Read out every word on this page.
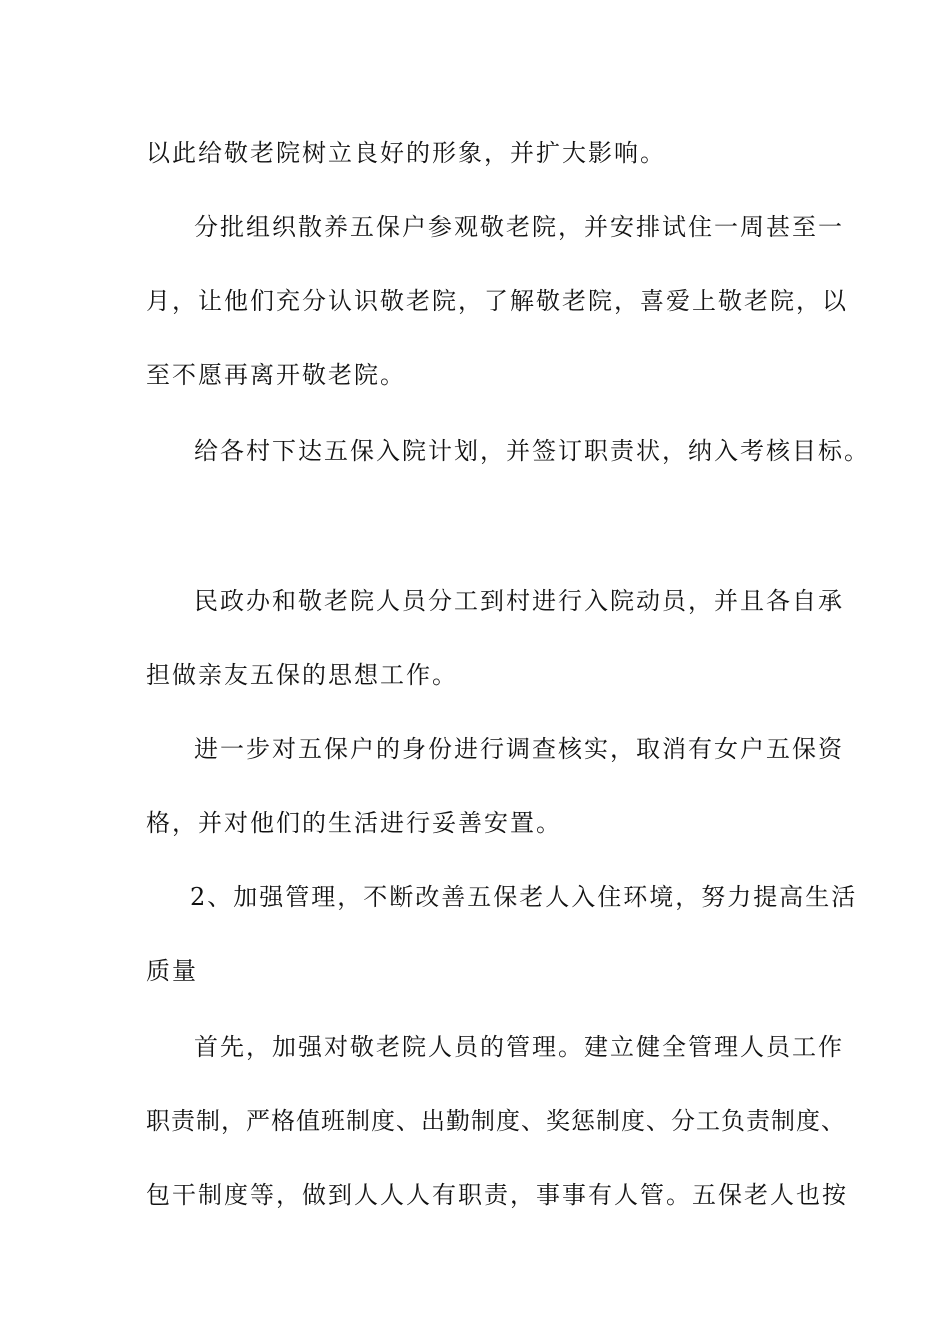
以此给敬老院树立良好的形象，并扩大影响。
分批组织散养五保户参观敬老院，并安排试住一周甚至一
月，让他们充分认识敬老院，了解敬老院，喜爱上敬老院，以
至不愿再离开敬老院。
给各村下达五保入院计划，并签订职责状，纳入考核目标。
民政办和敬老院人员分工到村进行入院动员，并且各自承
担做亲友五保的思想工作。
进一步对五保户的身份进行调查核实，取消有女户五保资
格，并对他们的生活进行妥善安置。
2、加强管理，不断改善五保老人入住环境，努力提高生活
质量
首先，加强对敬老院人员的管理。建立健全管理人员工作
职责制，严格值班制度、出勤制度、奖惩制度、分工负责制度、
包干制度等，做到人人人有职责，事事有人管。五保老人也按
